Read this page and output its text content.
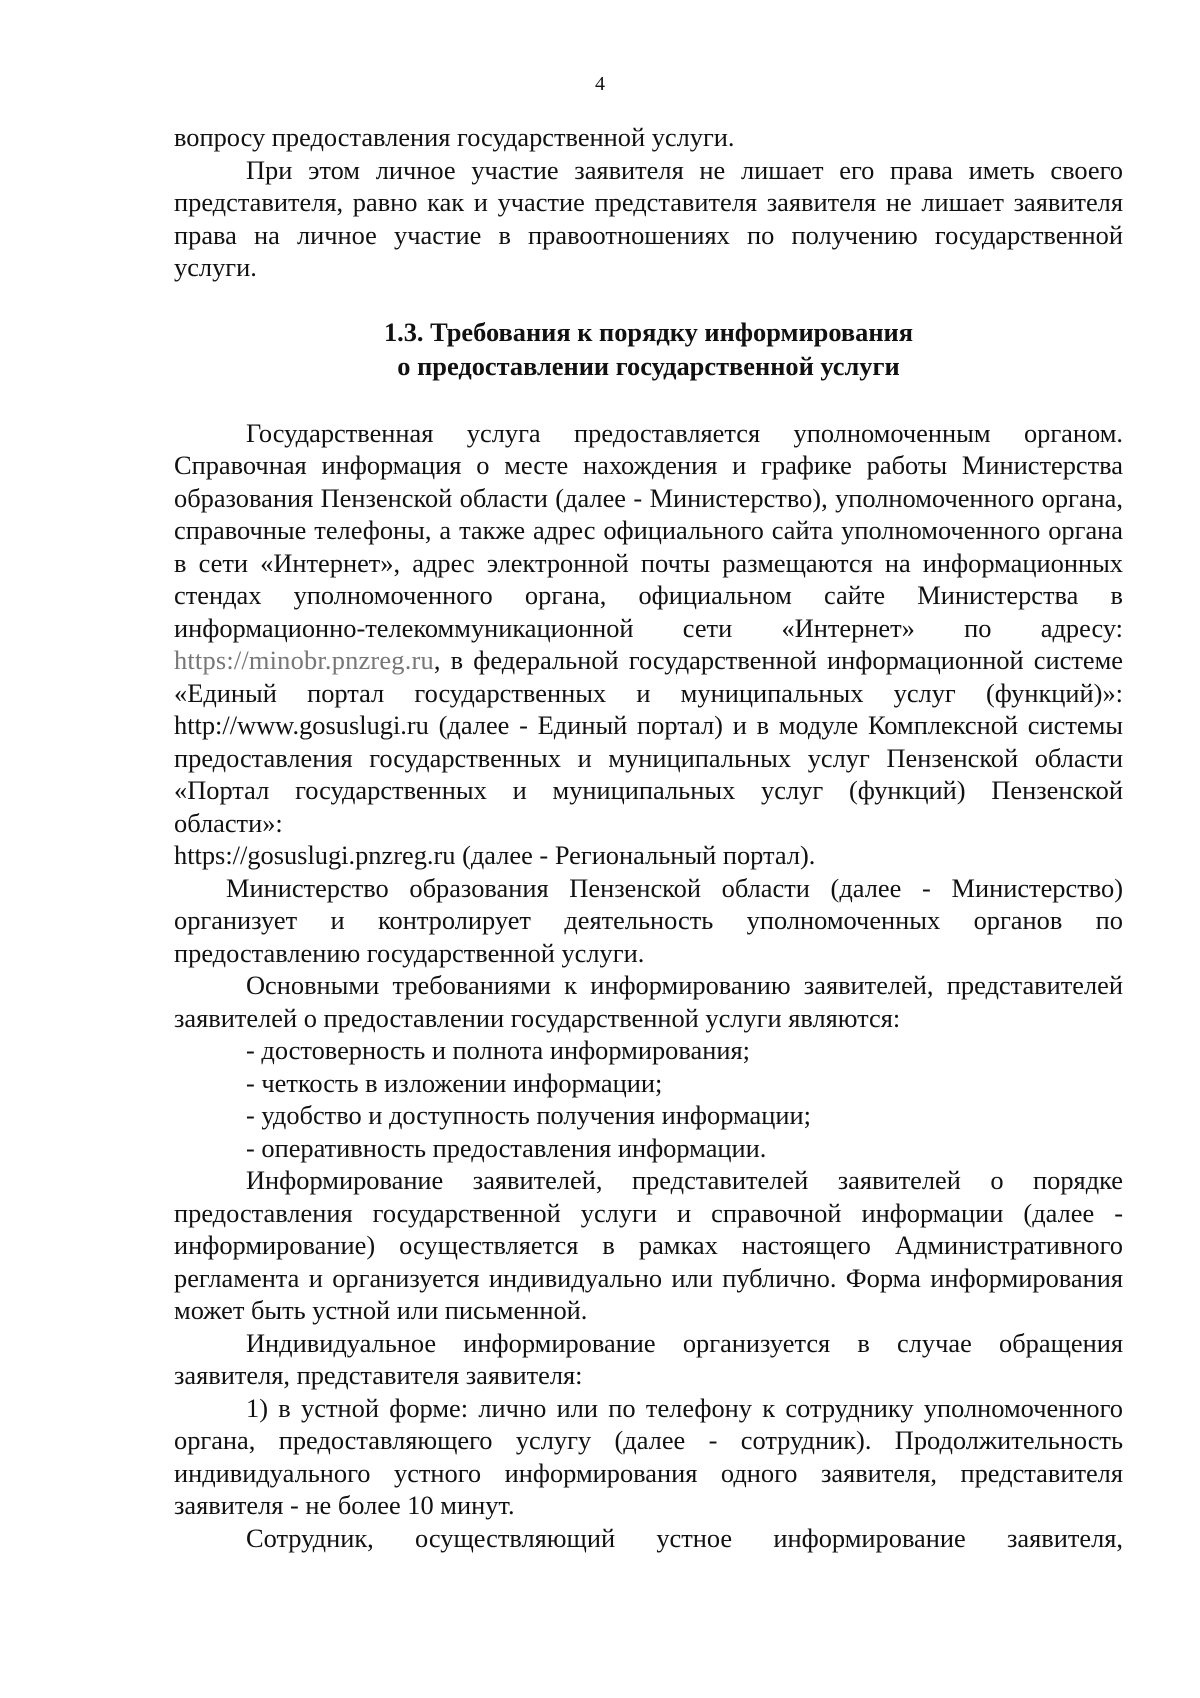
4

вопросу предоставления государственной услуги.

При этом личное участие заявителя не лишает его права иметь своего представителя, равно как и участие представителя заявителя не лишает заявителя права на личное участие в правоотношениях по получению государственной услуги.

1.3. Требования к порядку информирования
о предоставлении государственной услуги

Государственная услуга предоставляется уполномоченным органом. Справочная информация о месте нахождения и графике работы Министерства образования Пензенской области (далее - Министерство), уполномоченного органа, справочные телефоны, а также адрес официального сайта уполномоченного органа в сети «Интернет», адрес электронной почты размещаются на информационных стендах уполномоченного органа, официальном сайте Министерства в информационно-телекоммуникационной сети «Интернет» по адресу: https://minobr.pnzreg.ru, в федеральной государственной информационной системе «Единый портал государственных и муниципальных услуг (функций)»: http://www.gosuslugi.ru (далее - Единый портал) и в модуле Комплексной системы предоставления государственных и муниципальных услуг Пензенской области «Портал государственных и муниципальных услуг (функций) Пензенской области»:

https://gosuslugi.pnzreg.ru (далее - Региональный портал).

Министерство образования Пензенской области (далее - Министерство) организует и контролирует деятельность уполномоченных органов по предоставлению государственной услуги.

Основными требованиями к информированию заявителей, представителей заявителей о предоставлении государственной услуги являются:

- достоверность и полнота информирования;

- четкость в изложении информации;

- удобство и доступность получения информации;

- оперативность предоставления информации.

Информирование заявителей, представителей заявителей о порядке предоставления государственной услуги и справочной информации (далее - информирование) осуществляется в рамках настоящего Административного регламента и организуется индивидуально или публично. Форма информирования может быть устной или письменной.

Индивидуальное информирование организуется в случае обращения заявителя, представителя заявителя:

1) в устной форме: лично или по телефону к сотруднику уполномоченного органа, предоставляющего услугу (далее - сотрудник). Продолжительность индивидуального устного информирования одного заявителя, представителя заявителя - не более 10 минут.

Сотрудник, осуществляющий устное информирование заявителя,
